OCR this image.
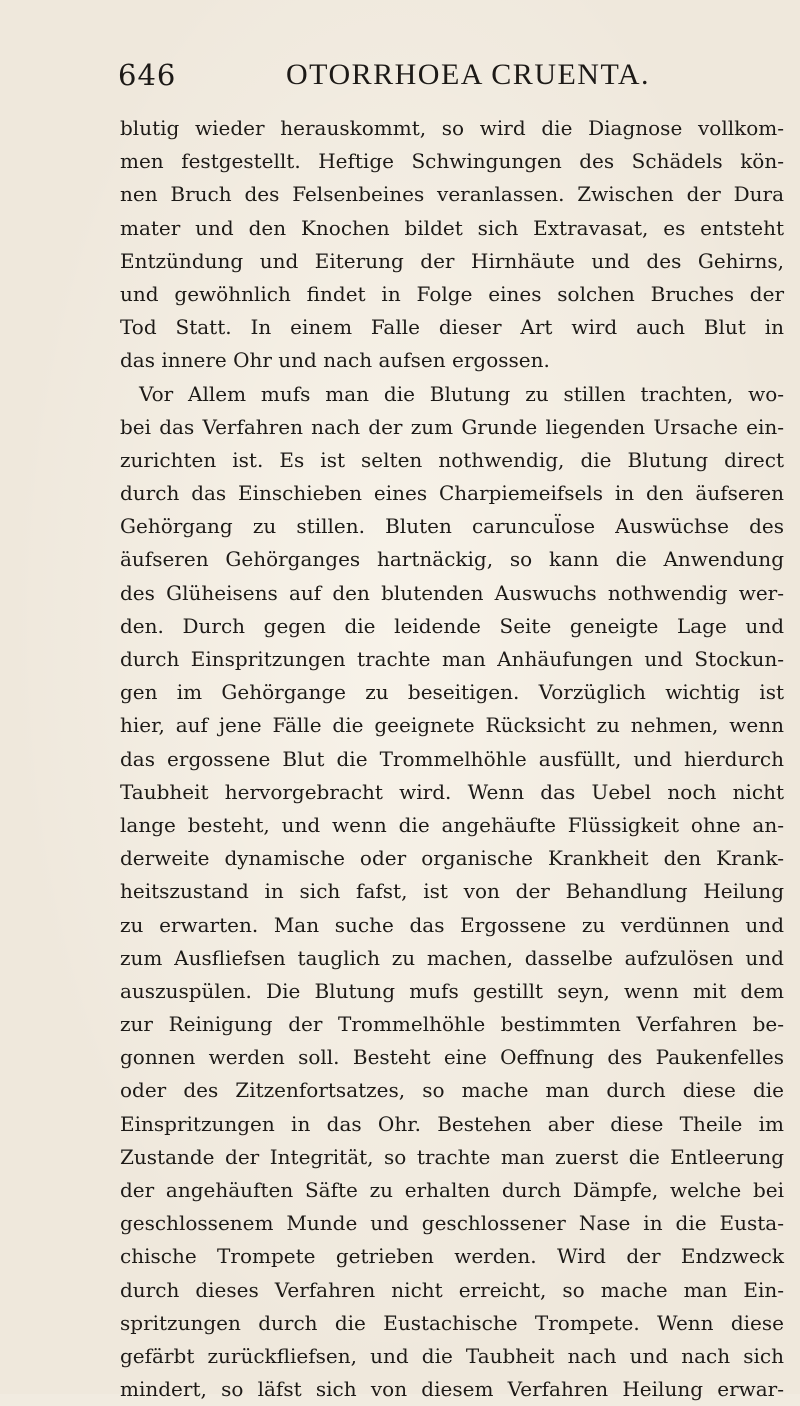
646	OTORRHOEA CRUENTA.
blutig wieder herauskommt, so wird die Diagnose vollkom-
men festgestellt. Heftige Schwingungen des Schädels kön-
nen Bruch des Felsenbeines veranlassen. Zwischen der Dura
mater und den Knochen bildet sich Extravasat, es entsteht
Entzündung und Eiterung der Hirnhäute und des Gehirns,
und gewöhnlich findet in Folge eines solchen Bruches der
Tod Statt. In einem Falle dieser Art wird auch Blut in
das innere Ohr und nach aufsen ergossen.
Vor Allem mufs man die Blutung zu stillen trachten, wo-
bei das Verfahren nach der zum Grunde liegenden Ursache ein-
zurichten ist. Es ist selten nothwendig, die Blutung direct
durch das Einschieben eines Charpiemeifsels in den äufseren
Gehörgang zu stillen. Bluten caruncul̈ose Auswüchse des
äufseren Gehörganges hartnäckig, so kann die Anwendung
des Glüheisens auf den blutenden Auswuchs nothwendig wer-
den. Durch gegen die leidende Seite geneigte Lage und
durch Einspritzungen trachte man Anhäufungen und Stockun-
gen im Gehörgange zu beseitigen. Vorzüglich wichtig ist
hier, auf jene Fälle die geeignete Rücksicht zu nehmen, wenn
das ergossene Blut die Trommelhöhle ausfüllt, und hierdurch
Taubheit hervorgebracht wird. Wenn das Uebel noch nicht
lange besteht, und wenn die angehäufte Flüssigkeit ohne an-
derweite dynamische oder organische Krankheit den Krank-
heitszustand in sich fafst, ist von der Behandlung Heilung
zu erwarten. Man suche das Ergossene zu verdünnen und
zum Ausfliefsen tauglich zu machen, dasselbe aufzulösen und
auszuspülen. Die Blutung mufs gestillt seyn, wenn mit dem
zur Reinigung der Trommelhöhle bestimmten Verfahren be-
gonnen werden soll. Besteht eine Oeffnung des Paukenfelles
oder des Zitzenfortsatzes, so mache man durch diese die
Einspritzungen in das Ohr. Bestehen aber diese Theile im
Zustande der Integrität, so trachte man zuerst die Entleerung
der angehäuften Säfte zu erhalten durch Dämpfe, welche bei
geschlossenem Munde und geschlossener Nase in die Eusta-
chische Trompete getrieben werden. Wird der Endzweck
durch dieses Verfahren nicht erreicht, so mache man Ein-
spritzungen durch die Eustachische Trompete. Wenn diese
gefärbt zurückfliefsen, und die Taubheit nach und nach sich
mindert, so läfst sich von diesem Verfahren Heilung erwar-
